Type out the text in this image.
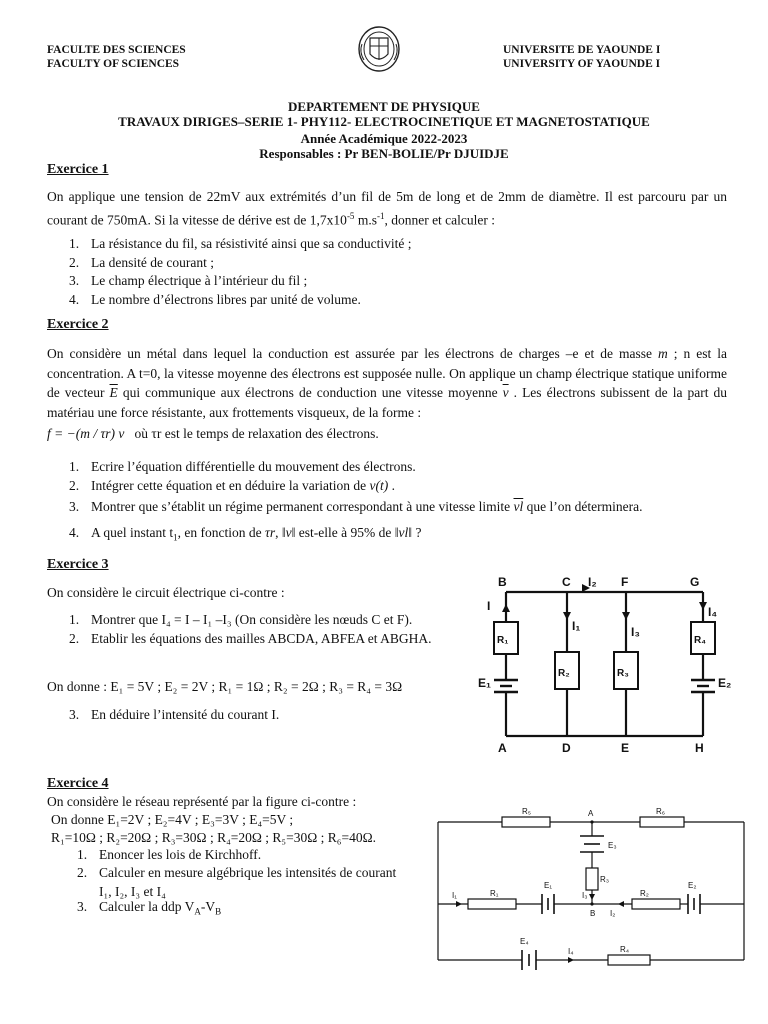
FACULTE DES SCIENCES
FACULTY OF SCIENCES
UNIVERSITE DE YAOUNDE I
UNIVERSITY OF YAOUNDE I
DEPARTEMENT DE PHYSIQUE
TRAVAUX DIRIGES–SERIE 1- PHY112- ELECTROCINETIQUE ET MAGNETOSTATIQUE
Année Académique 2022-2023
Responsables : Pr BEN-BOLIE/Pr DJUIDJE
Exercice 1
On applique une tension de 22mV aux extrémités d’un fil de 5m de long et de 2mm de diamètre. Il est parcouru par un courant de 750mA. Si la vitesse de dérive est de $1,7x10^{-5}$ $m.s^{-1}$, donner et calculer :
1. La résistance du fil, sa résistivité ainsi que sa conductivité ;
2. La densité de courant ;
3. Le champ électrique à l’intérieur du fil ;
4. Le nombre d’électrons libres par unité de volume.
Exercice 2
On considère un métal dans lequel la conduction est assurée par les électrons de charges –e et de masse m ; n est la concentration. A t=0, la vitesse moyenne des électrons est supposée nulle. On applique un champ électrique statique uniforme de vecteur $\overline{E}$ qui communique aux électrons de conduction une vitesse moyenne $\overline{v}$ . Les électrons subissent de la part du matériau une force résistante, aux frottements visqueux, de la forme :
f = −(m / τr) v où τr est le temps de relaxation des électrons.
1. Ecrire l’équation différentielle du mouvement des électrons.
2. Intégrer cette équation et en déduire la variation de v(t) .
3. Montrer que s’établit un régime permanent correspondant à une vitesse limite $\overline{vl}$ que l’on déterminera.
4. A quel instant $t_1$, en fonction de τr, ‖v‖ est-elle à 95% de ‖vl‖ ?
Exercice 3
On considère le circuit électrique ci-contre :
1. Montrer que I₄ = I – I₁ –I₃ (On considère les nœuds C et F).
2. Etablir les équations des mailles ABCDA, ABFEA et ABGHA.
On donne : E₁ = 5V ; E₂ = 2V ; R₁ = 1Ω ; R₂ = 2Ω ; R₃ = R₄ = 3Ω
3. En déduire l’intensité du courant I.
B	C	F	G
A	D	E	H
I
I₁
I₂
I₃
I₄
R₁
R₂	R₃
R₄
E₁	E₂
Exercice 4
On considère le réseau représenté par la figure ci-contre :
On donne E₁=2V ; E₂=4V ; E₃=3V ; E₄=5V ;
R₁=10Ω ; R₂=20Ω ; R₃=30Ω ; R₄=20Ω ; R₅=30Ω ; R₆=40Ω.
1. Enoncer les lois de Kirchhoff.
2. Calculer en mesure algébrique les intensités de courant I₁, I₂, I₃ et I₄
3. Calculer la ddp $V_A-V_B$
R₅	R₆
R₁	R₂
R₃
R₄
A
B
E₃
E₁	E₂
E₄
I₁
I₂
I₃
I₄
